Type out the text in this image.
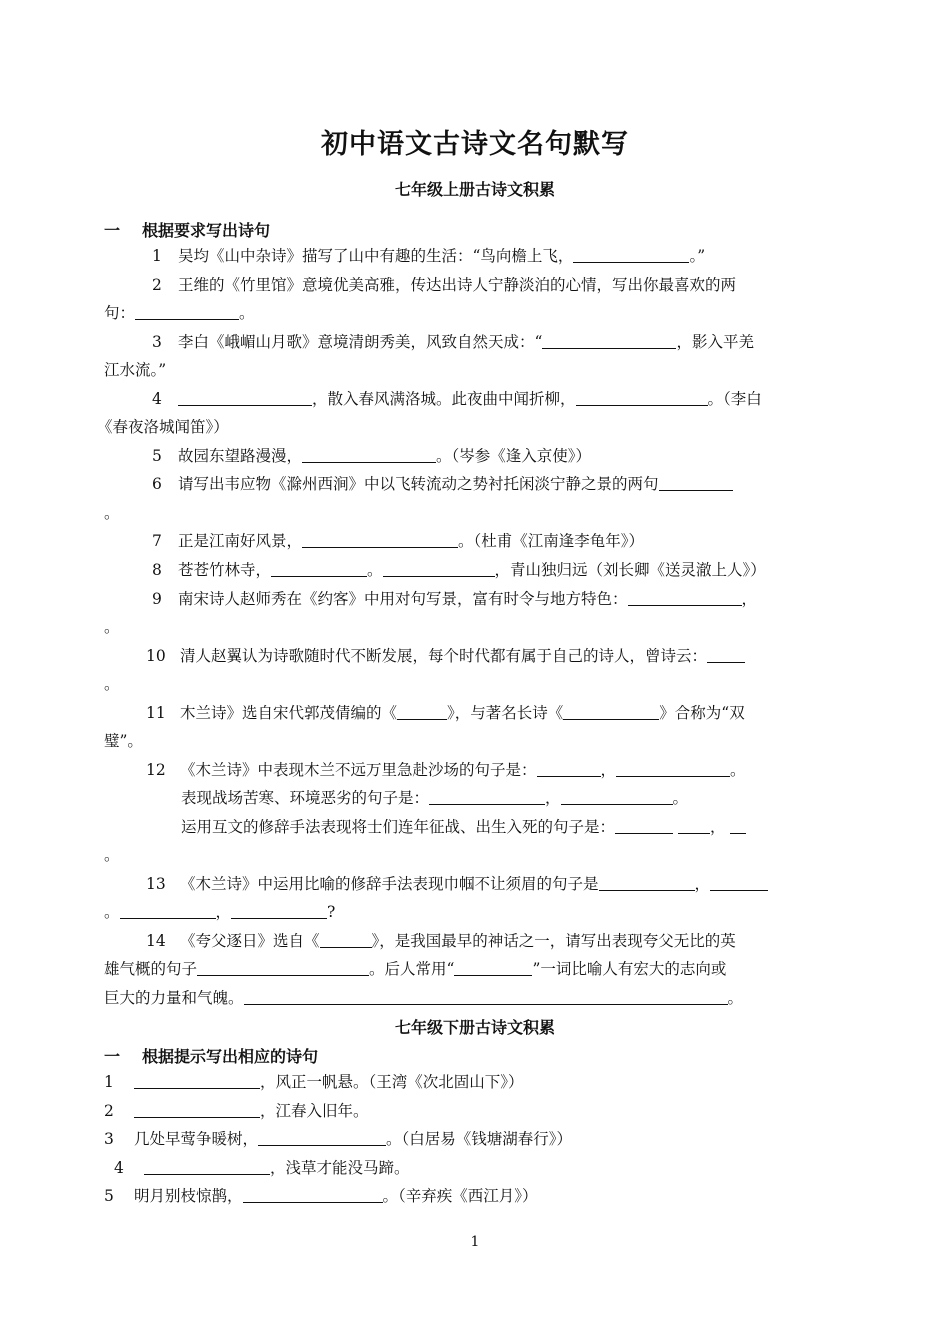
初中语文古诗文名句默写
七年级上册古诗文积累
一 根据要求写出诗句
1 吴均《山中杂诗》描写了山中有趣的生活：“鸟向檐上飞，	。”
2 王维的《竹里馆》意境优美高雅，传达出诗人宁静淡泊的心情，写出你最喜欢的两
句：	。
3 李白《峨嵋山月歌》意境清朗秀美，风致自然天成：“	，影入平羌
江水流。”
4	，散入春风满洛城。此夜曲中闻折柳，	。（李白
《春夜洛城闻笛》）
5 故园东望路漫漫，	。（岑参《逢入京使》）
6 请写出韦应物《滁州西涧》中以飞转流动之势衬托闲淡宁静之景的两句
。
7 正是江南好风景，	。（杜甫《江南逢李龟年》）
8 苍苍竹林寺，	。	，青山独归远（刘长卿《送灵澈上人》）
9 南宋诗人赵师秀在《约客》中用对句写景，富有时令与地方特色：	，
。
10 清人赵翼认为诗歌随时代不断发展，每个时代都有属于自己的诗人，曾诗云：
。
11 木兰诗》选自宋代郭茂倩编的《	》，与著名长诗《	》合称为“双
璧”。
12 《木兰诗》中表现木兰不远万里急赴沙场的句子是：	，	。
表现战场苦寒、环境恶劣的句子是：	，	。
运用互文的修辞手法表现将士们连年征战、出生入死的句子是：	，
。
13 《木兰诗》中运用比喻的修辞手法表现巾帼不让须眉的句子是	，
。	，	?
14 《夸父逐日》选自《	》，是我国最早的神话之一，请写出表现夸父无比的英
雄气概的句子	。后人常用“	”一词比喻人有宏大的志向或
巨大的力量和气魄。	。
七年级下册古诗文积累
一 根据提示写出相应的诗句
1	，风正一帆悬。（王湾《次北固山下》）
2	，江春入旧年。
3 几处早莺争暖树，	。（白居易《钱塘湖春行》）
4	，浅草才能没马蹄。
5 明月别枝惊鹊，	。（辛弃疾《西江月》）
1
